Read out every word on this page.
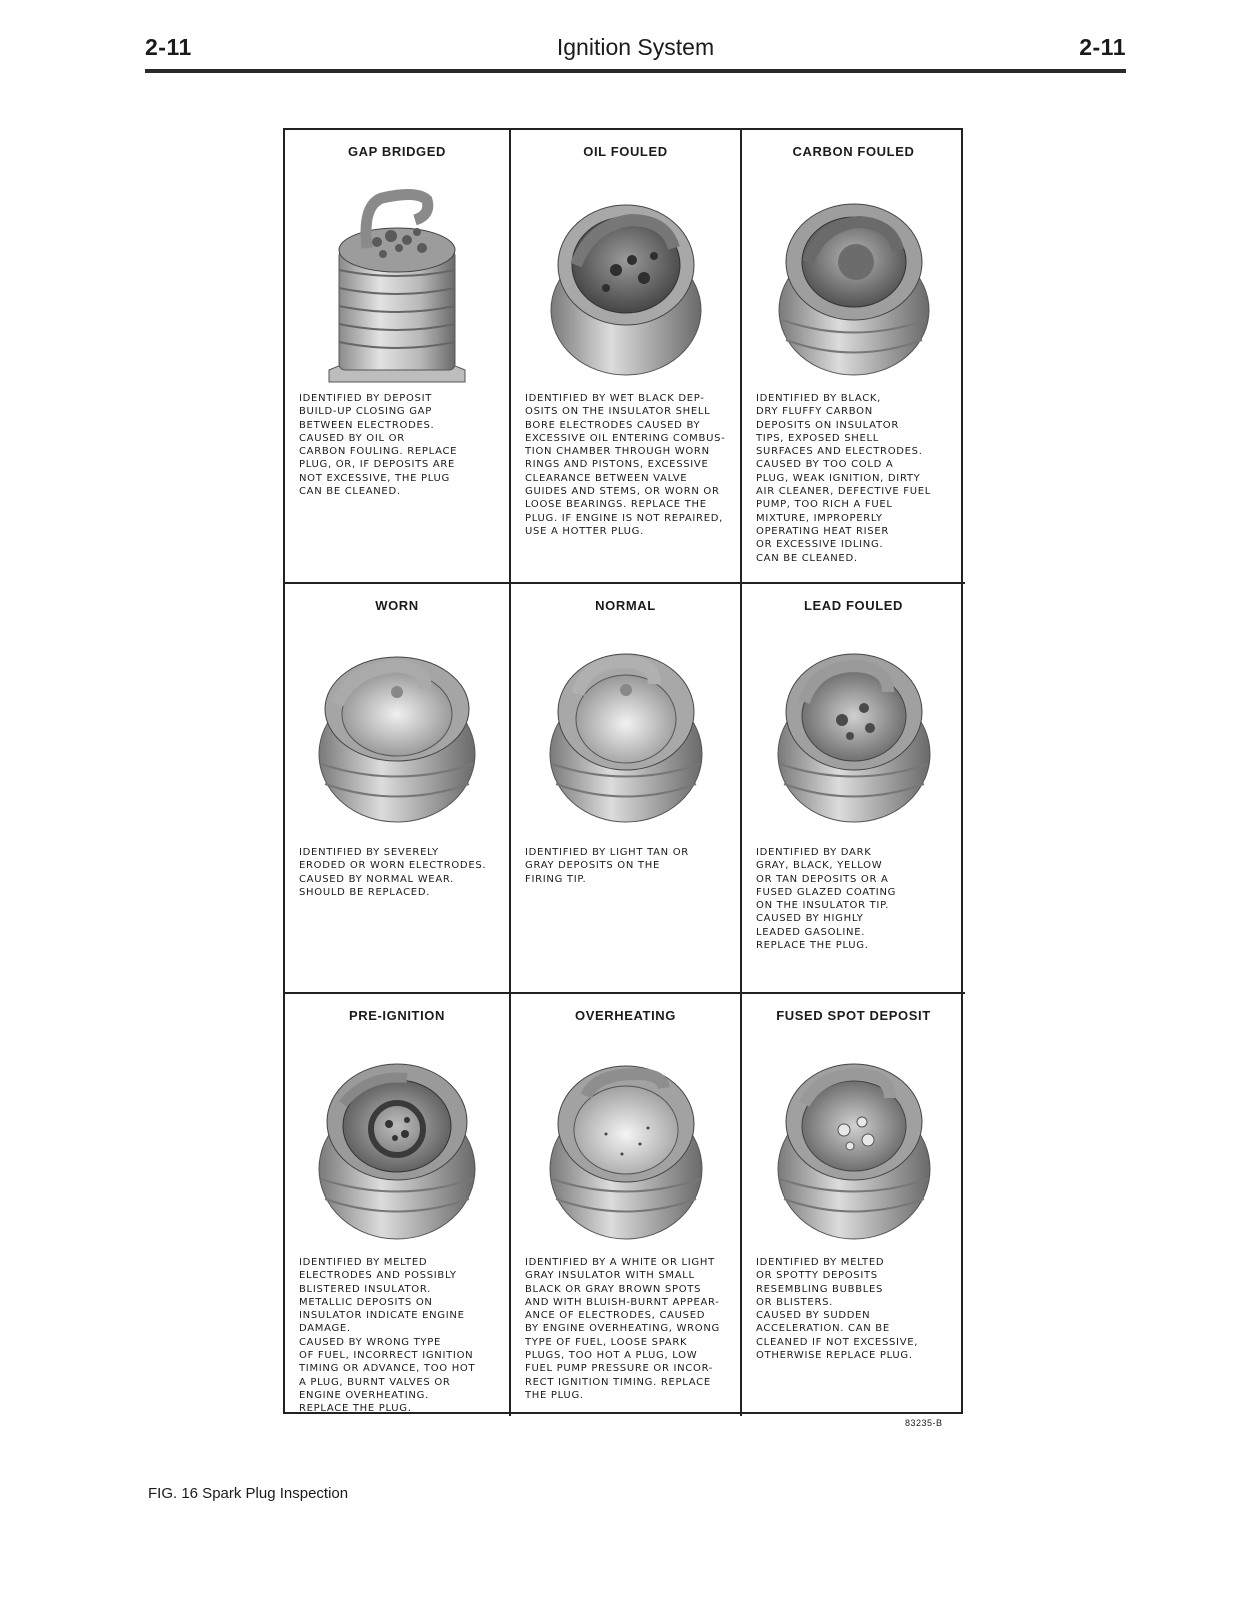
2-11	Ignition System	2-11
GAP BRIDGED

IDENTIFIED BY DEPOSIT
BUILD-UP CLOSING GAP
BETWEEN ELECTRODES.
CAUSED BY OIL OR
CARBON FOULING. REPLACE
PLUG, OR, IF DEPOSITS ARE
NOT EXCESSIVE, THE PLUG
CAN BE CLEANED.

OIL FOULED

IDENTIFIED BY WET BLACK DEP-
OSITS ON THE INSULATOR SHELL
BORE ELECTRODES CAUSED BY
EXCESSIVE OIL ENTERING COMBUS-
TION CHAMBER THROUGH WORN
RINGS AND PISTONS, EXCESSIVE
CLEARANCE BETWEEN VALVE
GUIDES AND STEMS, OR WORN OR
LOOSE BEARINGS. REPLACE THE
PLUG. IF ENGINE IS NOT REPAIRED,
USE A HOTTER PLUG.

CARBON FOULED

IDENTIFIED BY BLACK,
DRY FLUFFY CARBON
DEPOSITS ON INSULATOR
TIPS, EXPOSED SHELL
SURFACES AND ELECTRODES.
CAUSED BY TOO COLD A
PLUG, WEAK IGNITION, DIRTY
AIR CLEANER, DEFECTIVE FUEL
PUMP, TOO RICH A FUEL
MIXTURE, IMPROPERLY
OPERATING HEAT RISER
OR EXCESSIVE IDLING.
CAN BE CLEANED.

WORN

IDENTIFIED BY SEVERELY
ERODED OR WORN ELECTRODES.
CAUSED BY NORMAL WEAR.
SHOULD BE REPLACED.

NORMAL

IDENTIFIED BY LIGHT TAN OR
GRAY DEPOSITS ON THE
FIRING TIP.

LEAD FOULED

IDENTIFIED BY DARK
GRAY, BLACK, YELLOW
OR TAN DEPOSITS OR A
FUSED GLAZED COATING
ON THE INSULATOR TIP.
CAUSED BY HIGHLY
LEADED GASOLINE.
REPLACE THE PLUG.

PRE-IGNITION

IDENTIFIED BY MELTED
ELECTRODES AND POSSIBLY
BLISTERED INSULATOR.
METALLIC DEPOSITS ON
INSULATOR INDICATE ENGINE
DAMAGE.
CAUSED BY WRONG TYPE
OF FUEL, INCORRECT IGNITION
TIMING OR ADVANCE, TOO HOT
A PLUG, BURNT VALVES OR
ENGINE OVERHEATING.
REPLACE THE PLUG.

OVERHEATING

IDENTIFIED BY A WHITE OR LIGHT
GRAY INSULATOR WITH SMALL
BLACK OR GRAY BROWN SPOTS
AND WITH BLUISH-BURNT APPEAR-
ANCE OF ELECTRODES, CAUSED
BY ENGINE OVERHEATING, WRONG
TYPE OF FUEL, LOOSE SPARK
PLUGS, TOO HOT A PLUG, LOW
FUEL PUMP PRESSURE OR INCOR-
RECT IGNITION TIMING. REPLACE
THE PLUG.

FUSED SPOT DEPOSIT

IDENTIFIED BY MELTED
OR SPOTTY DEPOSITS
RESEMBLING BUBBLES
OR BLISTERS.
CAUSED BY SUDDEN
ACCELERATION. CAN BE
CLEANED IF NOT EXCESSIVE,
OTHERWISE REPLACE PLUG.

83235-B
FIG. 16 Spark Plug Inspection
